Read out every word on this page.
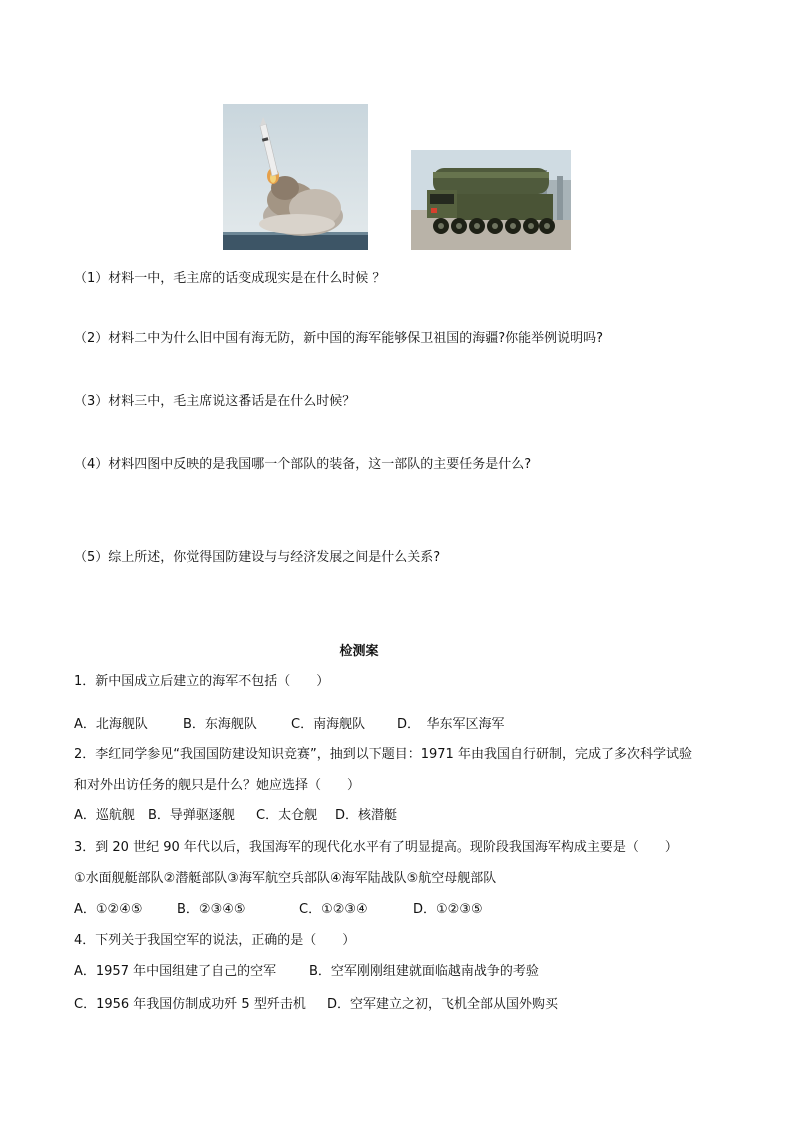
（1）材料一中，毛主席的话变成现实是在什么时候 ？
（2）材料二中为什么旧中国有海无防，新中国的海军能够保卫祖国的海疆?你能举例说明吗?
（3）材料三中，毛主席说这番话是在什么时候？
（4）材料四图中反映的是我国哪一个部队的装备，这一部队的主要任务是什么?
（5）综上所述，你觉得国防建设与与经济发展之间是什么关系?
检测案
1．新中国成立后建立的海军不包括（　　）
A．北海舰队	B．东海舰队	C．南海舰队 D．　华东军区海军
2．李红同学参见“我国国防建设知识竞赛”，抽到以下题目：1971 年由我国自行研制，完成了多次科学试验
和对外出访任务的舰只是什么？她应选择（　　）
A．巡航舰 B．导弹驱逐舰 C．太仓舰 D．核潜艇
3．到 20 世纪 90 年代以后，我国海军的现代化水平有了明显提高。现阶段我国海军构成主要是（　　）
①水面舰艇部队②潜艇部队③海军航空兵部队④海军陆战队⑤航空母舰部队
A．①②④⑤	B．②③④⑤	C．①②③④	D．①②③⑤
4．下列关于我国空军的说法，正确的是（　　）
A．1957 年中国组建了自己的空军	B．空军刚刚组建就面临越南战争的考验
C．1956 年我国仿制成功歼 5 型歼击机 D．空军建立之初，飞机全部从国外购买
